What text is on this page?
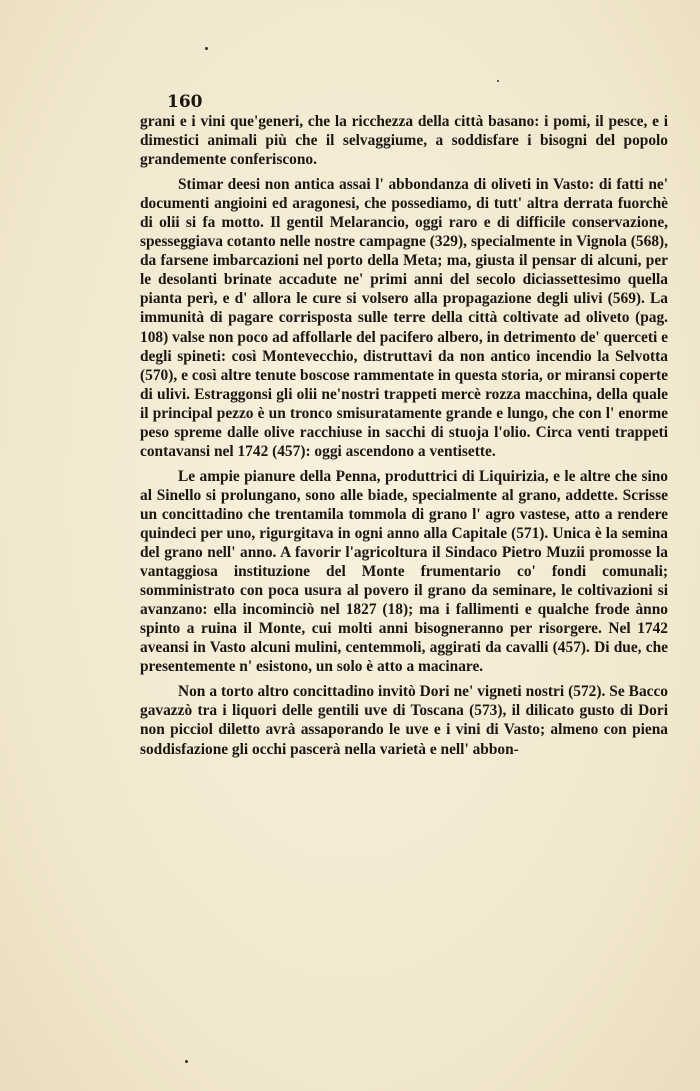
160

grani e i vini que'generi, che la ricchezza della città basano: i pomi, il pesce, e i dimestici animali più che il selvaggiume, a soddisfare i bisogni del popolo grandemente conferiscono.

Stimar deesi non antica assai l' abbondanza di oliveti in Vasto: di fatti ne' documenti angioini ed aragonesi, che possediamo, di tutt' altra derrata fuorchè di olii si fa motto. Il gentil Melarancio, oggi raro e di difficile conservazione, spesseggiava cotanto nelle nostre campagne (329), specialmente in Vignola (568), da farsene imbarcazioni nel porto della Meta; ma, giusta il pensar di alcuni, per le desolanti brinate accadute ne' primi anni del secolo diciassettesimo quella pianta perì, e d' allora le cure si volsero alla propagazione degli ulivi (569). La immunità di pagare corrisposta sulle terre della città coltivate ad oliveto (pag. 108) valse non poco ad affollarle del pacifero albero, in detrimento de' querceti e degli spineti: così Montevecchio, distruttavi da non antico incendio la Selvotta (570), e così altre tenute boscose rammentate in questa storia, or miransi coperte di ulivi. Estraggonsi gli olii ne'nostri trappeti mercè rozza macchina, della quale il principal pezzo è un tronco smisuratamente grande e lungo, che con l' enorme peso spreme dalle olive racchiuse in sacchi di stuoja l'olio. Circa venti trappeti contavansi nel 1742 (457): oggi ascendono a ventisette.

Le ampie pianure della Penna, produttrici di Liquirizia, e le altre che sino al Sinello si prolungano, sono alle biade, specialmente al grano, addette. Scrisse un concittadino che trentamila tommola di grano l' agro vastese, atto a rendere quindeci per uno, rigurgitava in ogni anno alla Capitale (571). Unica è la semina del grano nell' anno. A favorir l'agricoltura il Sindaco Pietro Muzii promosse la vantaggiosa instituzione del Monte frumentario co' fondi comunali; somministrato con poca usura al povero il grano da seminare, le coltivazioni si avanzano: ella incominciò nel 1827 (18); ma i fallimenti e qualche frode ànno spinto a ruina il Monte, cui molti anni bisogneranno per risorgere. Nel 1742 aveansi in Vasto alcuni mulini, centemmoli, aggirati da cavalli (457). Di due, che presentemente n' esistono, un solo è atto a macinare.

Non a torto altro concittadino invitò Dori ne' vigneti nostri (572). Se Bacco gavazzò tra i liquori delle gentili uve di Toscana (573), il dilicato gusto di Dori non picciol diletto avrà assaporando le uve e i vini di Vasto; almeno con piena soddisfazione gli occhi pascerà nella varietà e nell' abbon-
